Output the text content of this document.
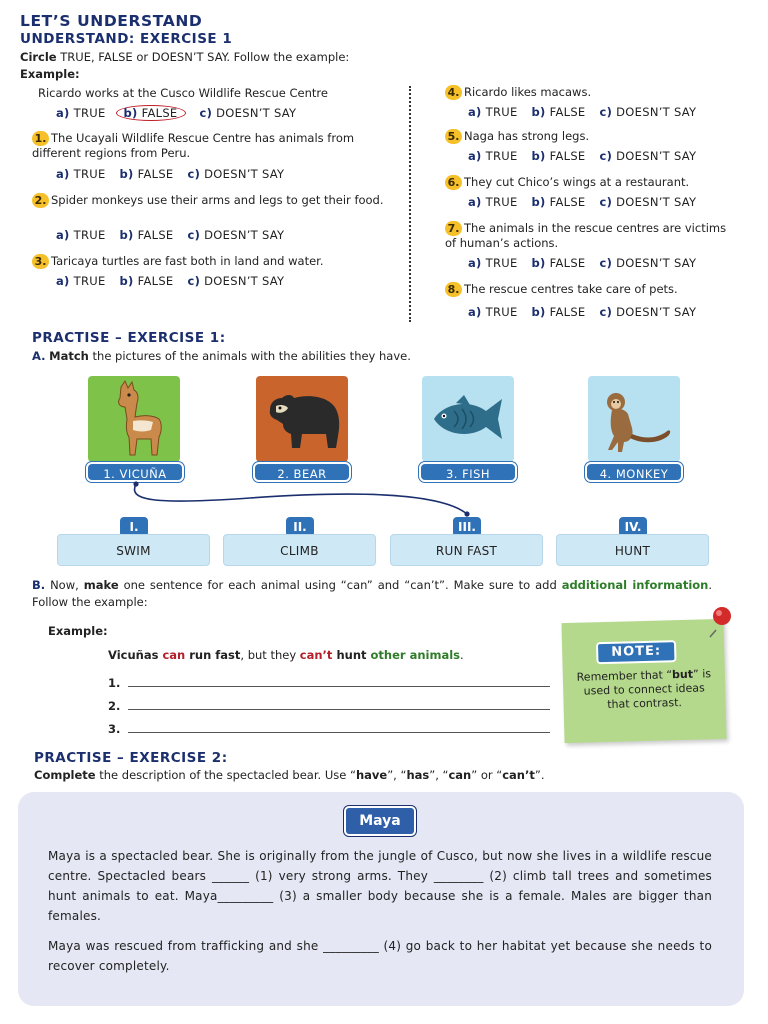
LET’S UNDERSTAND
UNDERSTAND: EXERCISE 1
Circle TRUE, FALSE or DOESN’T SAY. Follow the example:
Example:
Ricardo works at the Cusco Wildlife Rescue Centre
a) TRUE b) FALSE c) DOESN’T SAY
1. The Ucayali Wildlife Rescue Centre has animals from different regions from Peru.
a) TRUE b) FALSE c) DOESN’T SAY
2. Spider monkeys use their arms and legs to get their food.
a) TRUE b) FALSE c) DOESN’T SAY
3. Taricaya turtles are fast both in land and water.
a) TRUE b) FALSE c) DOESN’T SAY
4. Ricardo likes macaws.
a) TRUE b) FALSE c) DOESN’T SAY
5. Naga has strong legs.
a) TRUE b) FALSE c) DOESN’T SAY
6. They cut Chico’s wings at a restaurant.
a) TRUE b) FALSE c) DOESN’T SAY
7. The animals in the rescue centres are victims of human’s actions.
a) TRUE b) FALSE c) DOESN’T SAY
8. The rescue centres take care of pets.
a) TRUE b) FALSE c) DOESN’T SAY
PRACTISE – EXERCISE 1:
A. Match the pictures of the animals with the abilities they have.
1. VICUÑA	2. BEAR	3. FISH	4. MONKEY
I.	II.	III.	IV.
SWIM	CLIMB	RUN FAST	HUNT
B. Now, make one sentence for each animal using “can” and “can’t”. Make sure to add additional information. Follow the example:
Example:
Vicuñas can run fast, but they can’t hunt other animals.
1.
2.
3.
NOTE:
Remember that “but” is used to connect ideas that contrast.
PRACTISE – EXERCISE 2:
Complete the description of the spectacled bear. Use “have”, “has”, “can” or “can’t”.
Maya
Maya is a spectacled bear. She is originally from the jungle of Cusco, but now she lives in a wildlife rescue centre. Spectacled bears ______ (1) very strong arms. They ________ (2) climb tall trees and sometimes hunt animals to eat. Maya_________ (3) a smaller body because she is a female. Males are bigger than females.
Maya was rescued from trafficking and she _________ (4) go back to her habitat yet because she needs to recover completely.
